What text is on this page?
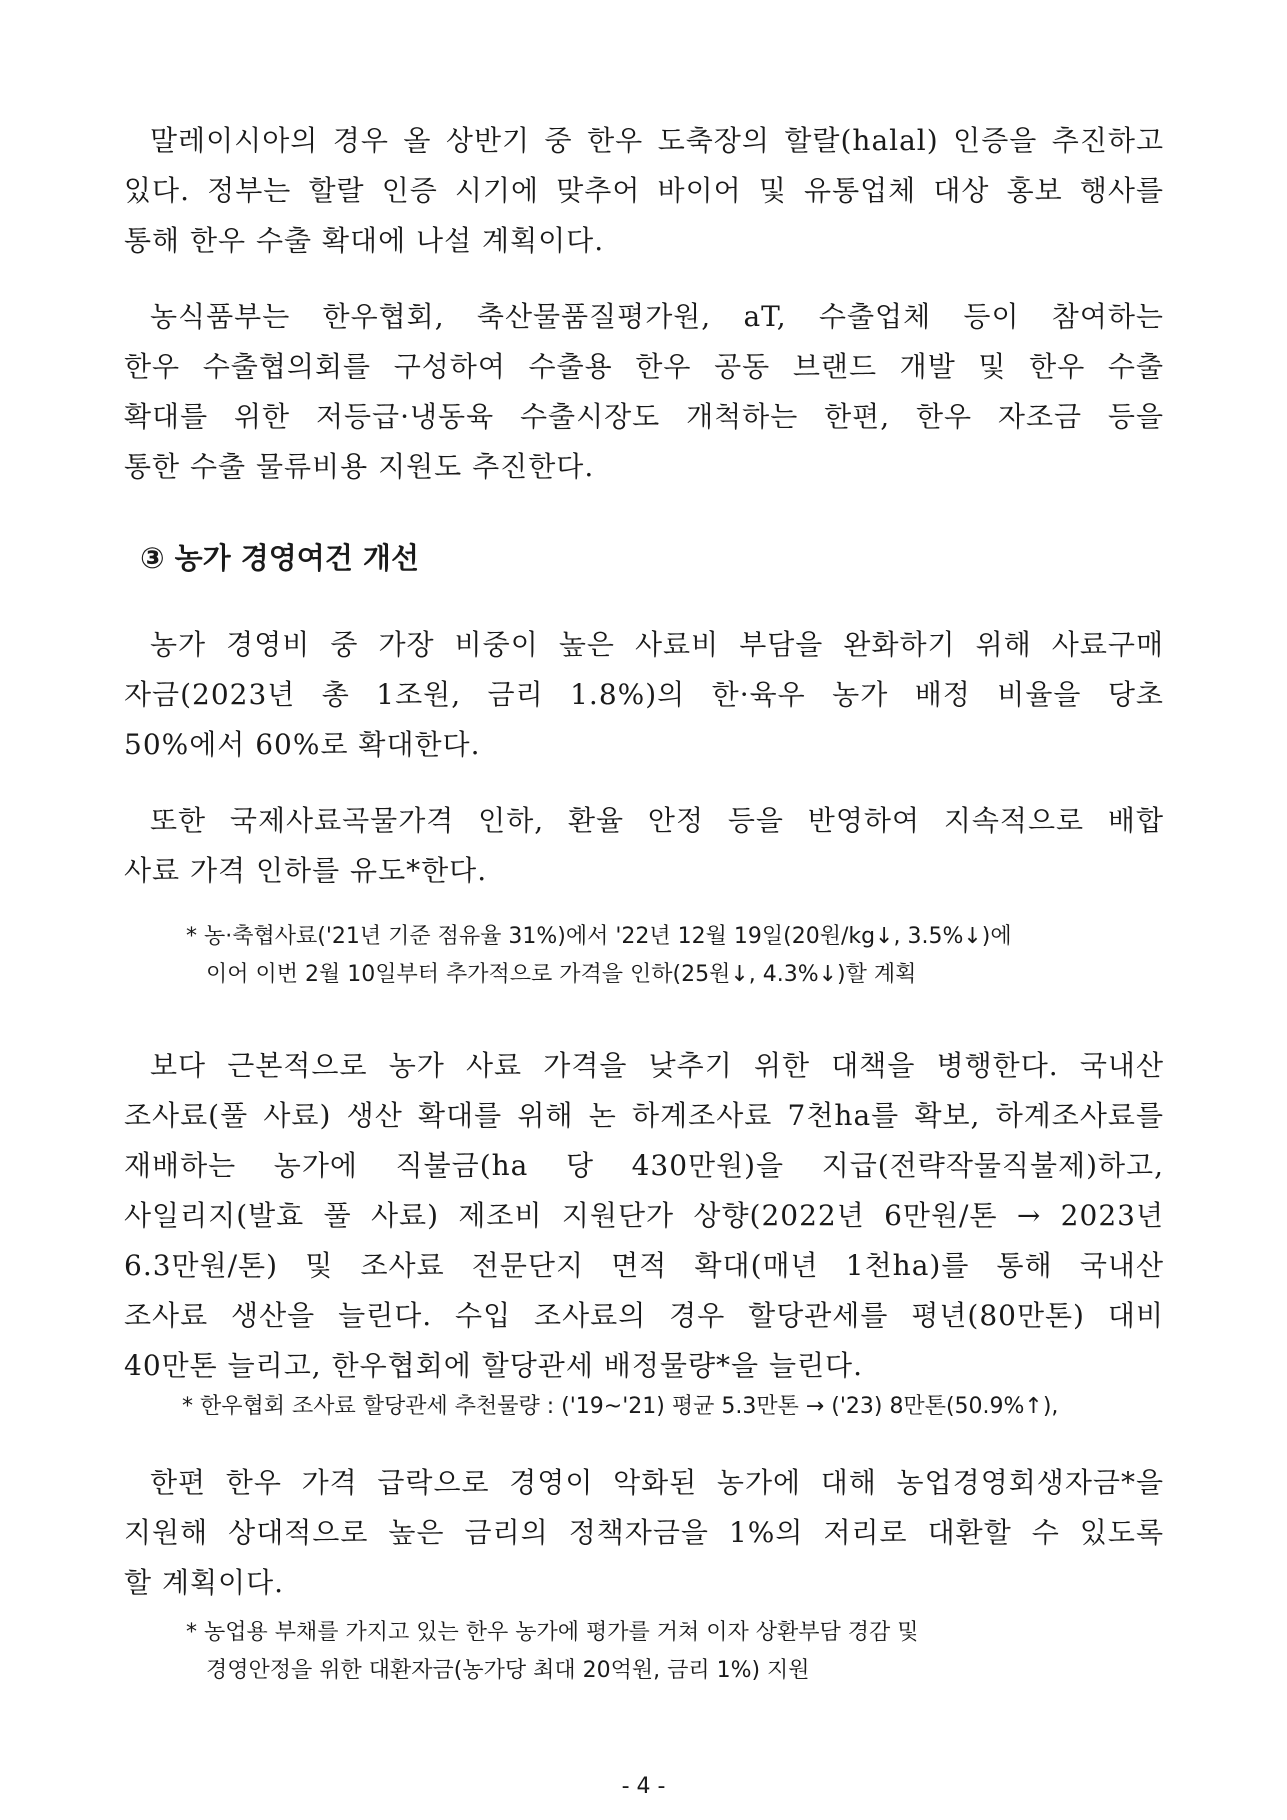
말레이시아의 경우 올 상반기 중 한우 도축장의 할랄(halal) 인증을 추진하고
있다. 정부는 할랄 인증 시기에 맞추어 바이어 및 유통업체 대상 홍보 행사를
통해 한우 수출 확대에 나설 계획이다.
농식품부는 한우협회, 축산물품질평가원, aT, 수출업체 등이 참여하는
한우 수출협의회를 구성하여 수출용 한우 공동 브랜드 개발 및 한우 수출
확대를 위한 저등급·냉동육 수출시장도 개척하는 한편, 한우 자조금 등을
통한 수출 물류비용 지원도 추진한다.
③ 농가 경영여건 개선
농가 경영비 중 가장 비중이 높은 사료비 부담을 완화하기 위해 사료구매
자금(2023년 총 1조원, 금리 1.8%)의 한·육우 농가 배정 비율을 당초
50%에서 60%로 확대한다.
또한 국제사료곡물가격 인하, 환율 안정 등을 반영하여 지속적으로 배합
사료 가격 인하를 유도*한다.
* 농·축협사료('21년 기준 점유율 31%)에서 '22년 12월 19일(20원/kg↓, 3.5%↓)에
이어 이번 2월 10일부터 추가적으로 가격을 인하(25원↓, 4.3%↓)할 계획
보다 근본적으로 농가 사료 가격을 낮추기 위한 대책을 병행한다. 국내산
조사료(풀 사료) 생산 확대를 위해 논 하계조사료 7천ha를 확보, 하계조사료를
재배하는 농가에 직불금(ha 당 430만원)을 지급(전략작물직불제)하고,
사일리지(발효 풀 사료) 제조비 지원단가 상향(2022년 6만원/톤 → 2023년
6.3만원/톤) 및 조사료 전문단지 면적 확대(매년 1천ha)를 통해 국내산
조사료 생산을 늘린다. 수입 조사료의 경우 할당관세를 평년(80만톤) 대비
40만톤 늘리고, 한우협회에 할당관세 배정물량*을 늘린다.
* 한우협회 조사료 할당관세 추천물량 : ('19~'21) 평균 5.3만톤 → ('23) 8만톤(50.9%↑),
한편 한우 가격 급락으로 경영이 악화된 농가에 대해 농업경영회생자금*을
지원해 상대적으로 높은 금리의 정책자금을 1%의 저리로 대환할 수 있도록
할 계획이다.
* 농업용 부채를 가지고 있는 한우 농가에 평가를 거쳐 이자 상환부담 경감 및
경영안정을 위한 대환자금(농가당 최대 20억원, 금리 1%) 지원
- 4 -
